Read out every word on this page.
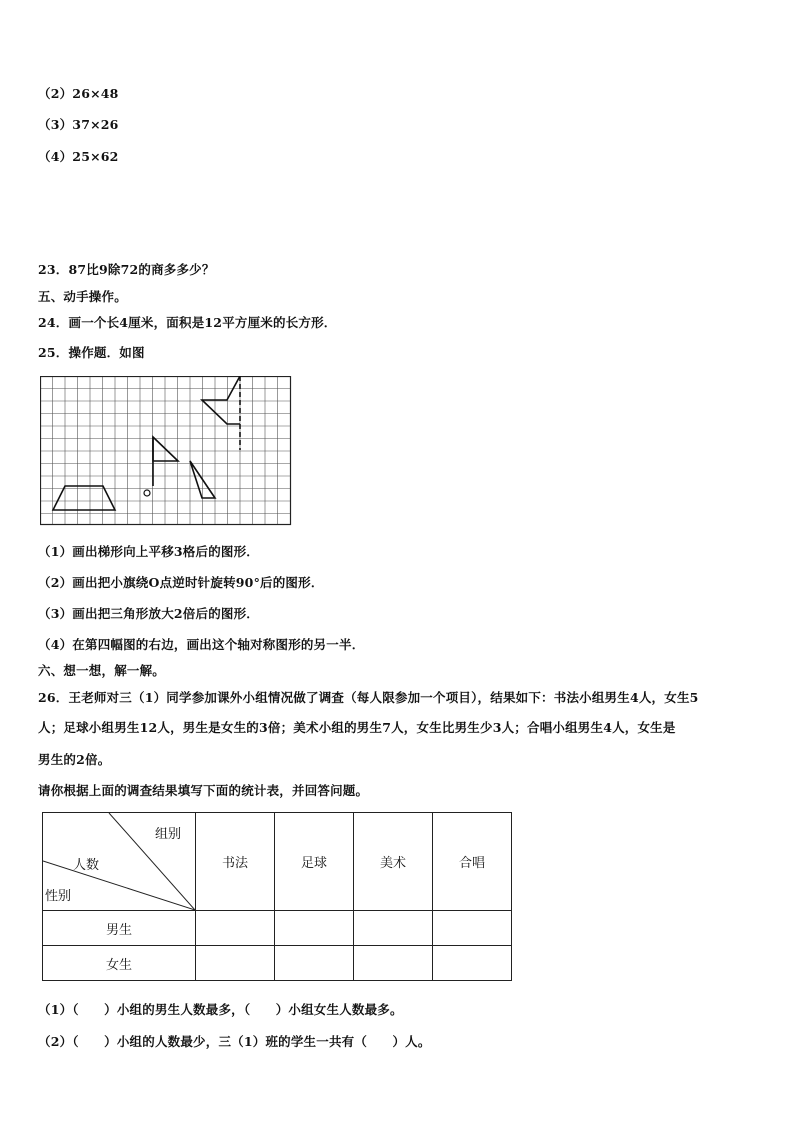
（2）26×48
（3）37×26
（4）25×62
23．87比9除72的商多多少？
五、动手操作。
24．画一个长4厘米，面积是12平方厘米的长方形．
25．操作题．如图
（1）画出梯形向上平移3格后的图形．
（2）画出把小旗绕O点逆时针旋转90°后的图形．
（3）画出把三角形放大2倍后的图形．
（4）在第四幅图的右边，画出这个轴对称图形的另一半．
六、想一想，解一解。
26．王老师对三（1）同学参加课外小组情况做了调查（每人限参加一个项目），结果如下：书法小组男生4人，女生5
人；足球小组男生12人，男生是女生的3倍；美术小组的男生7人，女生比男生少3人；合唱小组男生4人，女生是
男生的2倍。
请你根据上面的调查结果填写下面的统计表，并回答问题。
组别
人数
性别	书法	足球	美术	合唱
男生				
女生				
（1）（　　）小组的男生人数最多，（　　）小组女生人数最多。
（2）（　　）小组的人数最少，三（1）班的学生一共有（　　）人。
